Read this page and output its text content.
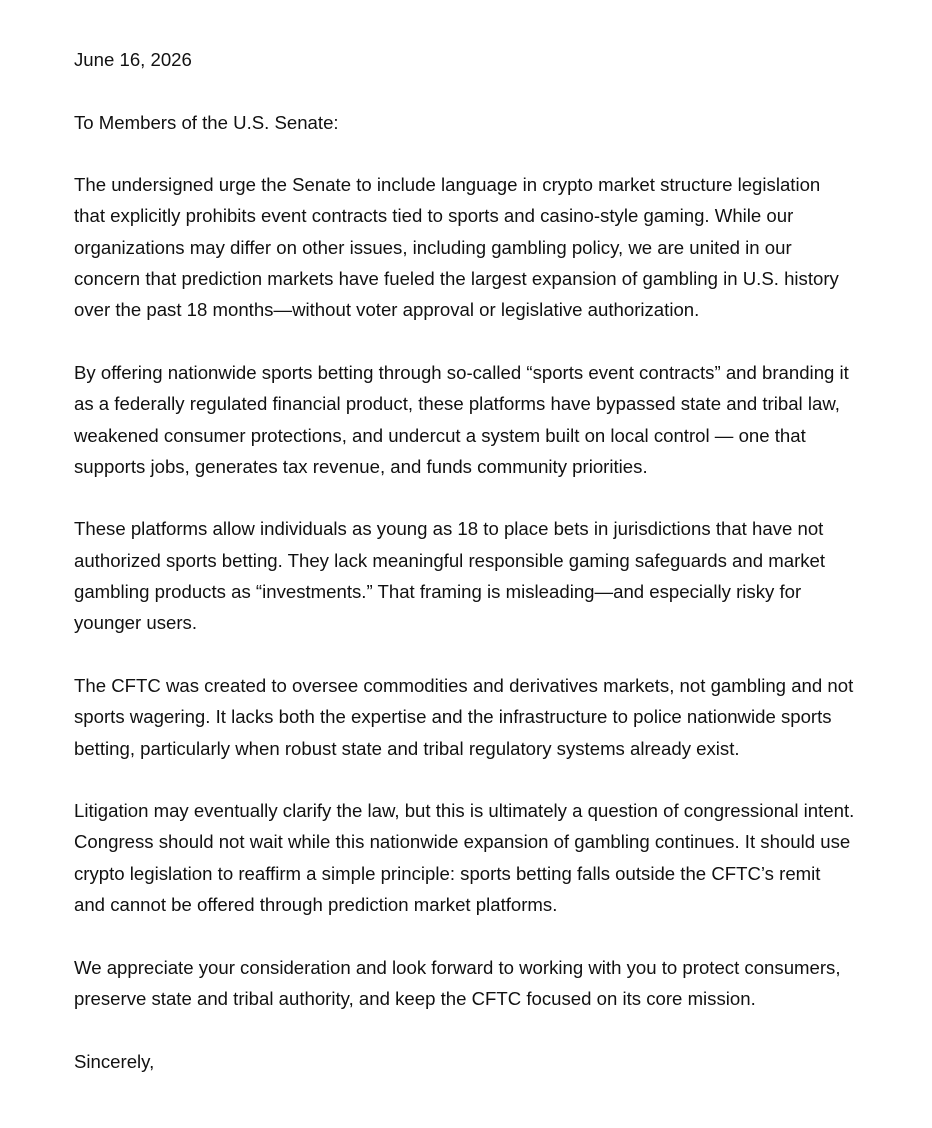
June 16, 2026

To Members of the U.S. Senate:

The undersigned urge the Senate to include language in crypto market structure legislation
that explicitly prohibits event contracts tied to sports and casino-style gaming. While our
organizations may differ on other issues, including gambling policy, we are united in our
concern that prediction markets have fueled the largest expansion of gambling in U.S. history
over the past 18 months—without voter approval or legislative authorization.

By offering nationwide sports betting through so-called “sports event contracts” and branding it
as a federally regulated financial product, these platforms have bypassed state and tribal law,
weakened consumer protections, and undercut a system built on local control — one that
supports jobs, generates tax revenue, and funds community priorities.

These platforms allow individuals as young as 18 to place bets in jurisdictions that have not
authorized sports betting. They lack meaningful responsible gaming safeguards and market
gambling products as “investments.” That framing is misleading—and especially risky for
younger users.

The CFTC was created to oversee commodities and derivatives markets, not gambling and not
sports wagering. It lacks both the expertise and the infrastructure to police nationwide sports
betting, particularly when robust state and tribal regulatory systems already exist.

Litigation may eventually clarify the law, but this is ultimately a question of congressional intent.
Congress should not wait while this nationwide expansion of gambling continues. It should use
crypto legislation to reaffirm a simple principle: sports betting falls outside the CFTC’s remit
and cannot be offered through prediction market platforms.

We appreciate your consideration and look forward to working with you to protect consumers,
preserve state and tribal authority, and keep the CFTC focused on its core mission.

Sincerely,
